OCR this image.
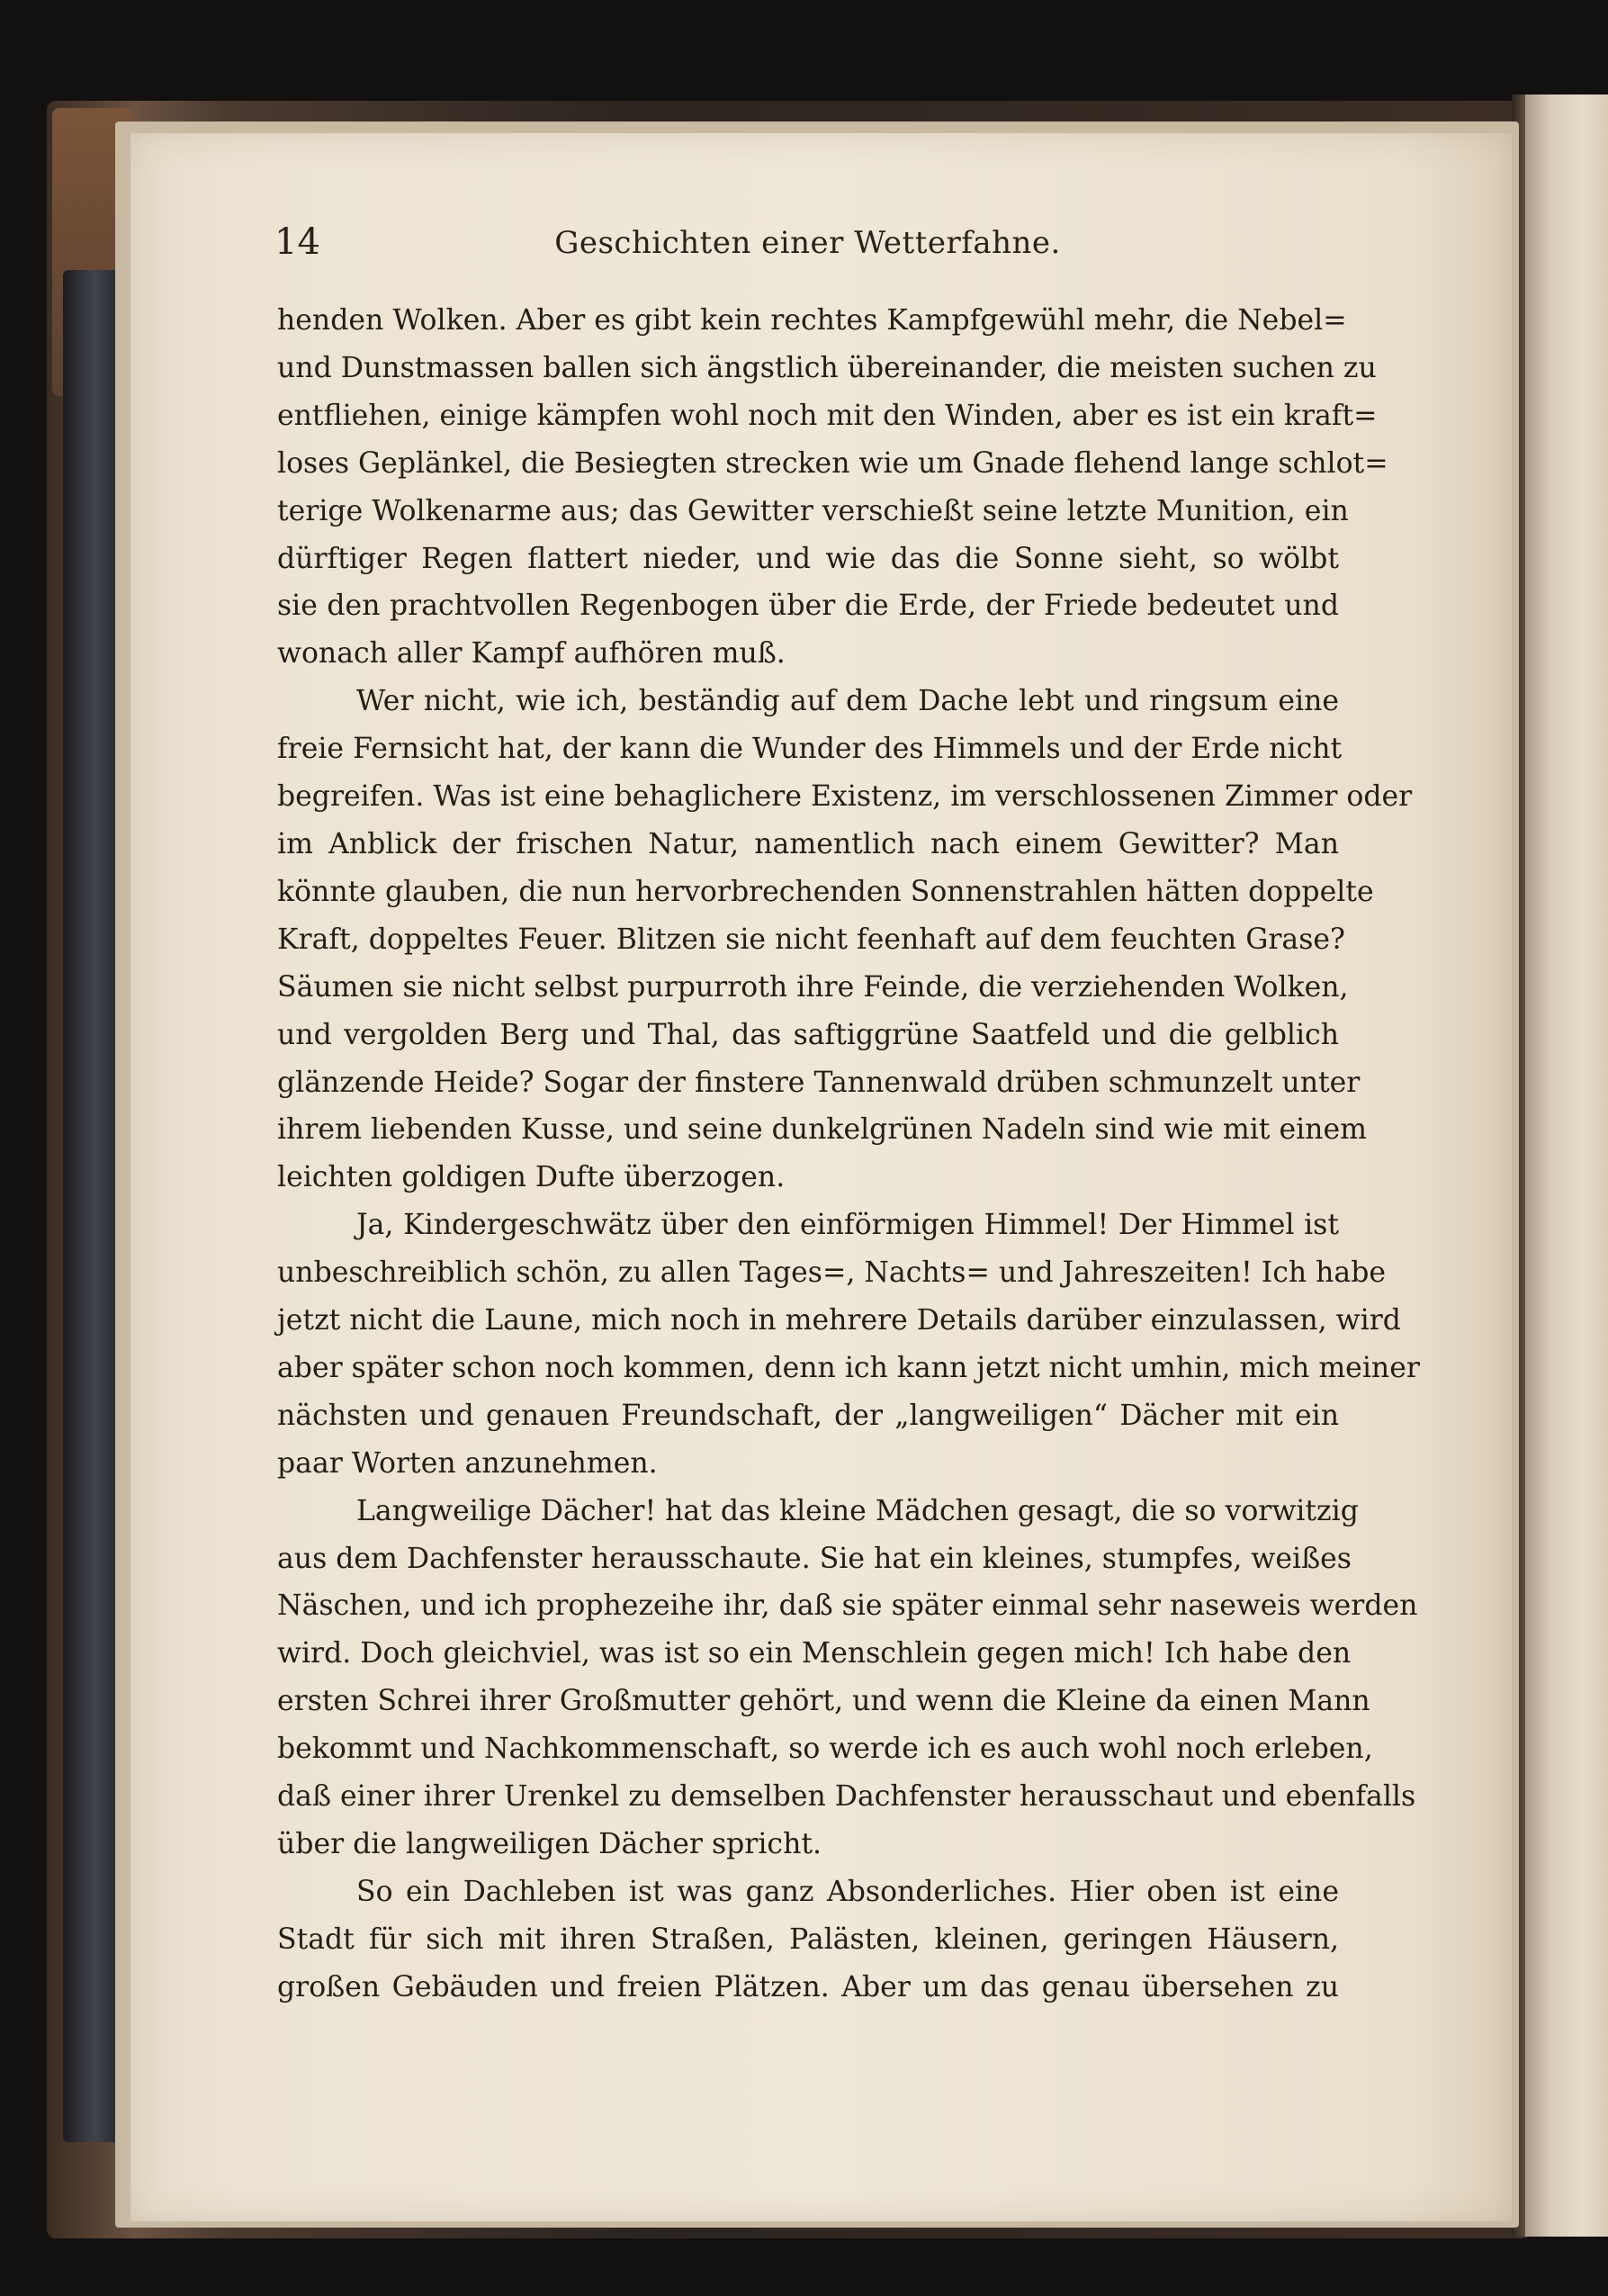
14	Geschichten einer Wetterfahne.
henden Wolken. Aber es gibt kein rechtes Kampfgewühl mehr, die Nebel=
und Dunstmassen ballen sich ängstlich übereinander, die meisten suchen zu
entfliehen, einige kämpfen wohl noch mit den Winden, aber es ist ein kraft=
loses Geplänkel, die Besiegten strecken wie um Gnade flehend lange schlot=
terige Wolkenarme aus; das Gewitter verschießt seine letzte Munition, ein
dürftiger Regen flattert nieder, und wie das die Sonne sieht, so wölbt
sie den prachtvollen Regenbogen über die Erde, der Friede bedeutet und
wonach aller Kampf aufhören muß.
Wer nicht, wie ich, beständig auf dem Dache lebt und ringsum eine
freie Fernsicht hat, der kann die Wunder des Himmels und der Erde nicht
begreifen. Was ist eine behaglichere Existenz, im verschlossenen Zimmer oder
im Anblick der frischen Natur, namentlich nach einem Gewitter? Man
könnte glauben, die nun hervorbrechenden Sonnenstrahlen hätten doppelte
Kraft, doppeltes Feuer. Blitzen sie nicht feenhaft auf dem feuchten Grase?
Säumen sie nicht selbst purpurroth ihre Feinde, die verziehenden Wolken,
und vergolden Berg und Thal, das saftiggrüne Saatfeld und die gelblich
glänzende Heide? Sogar der finstere Tannenwald drüben schmunzelt unter
ihrem liebenden Kusse, und seine dunkelgrünen Nadeln sind wie mit einem
leichten goldigen Dufte überzogen.
Ja, Kindergeschwätz über den einförmigen Himmel! Der Himmel ist
unbeschreiblich schön, zu allen Tages=, Nachts= und Jahreszeiten! Ich habe
jetzt nicht die Laune, mich noch in mehrere Details darüber einzulassen, wird
aber später schon noch kommen, denn ich kann jetzt nicht umhin, mich meiner
nächsten und genauen Freundschaft, der „langweiligen“ Dächer mit ein
paar Worten anzunehmen.
Langweilige Dächer! hat das kleine Mädchen gesagt, die so vorwitzig
aus dem Dachfenster herausschaute. Sie hat ein kleines, stumpfes, weißes
Näschen, und ich prophezeihe ihr, daß sie später einmal sehr naseweis werden
wird. Doch gleichviel, was ist so ein Menschlein gegen mich! Ich habe den
ersten Schrei ihrer Großmutter gehört, und wenn die Kleine da einen Mann
bekommt und Nachkommenschaft, so werde ich es auch wohl noch erleben,
daß einer ihrer Urenkel zu demselben Dachfenster herausschaut und ebenfalls
über die langweiligen Dächer spricht.
So ein Dachleben ist was ganz Absonderliches. Hier oben ist eine
Stadt für sich mit ihren Straßen, Palästen, kleinen, geringen Häusern,
großen Gebäuden und freien Plätzen. Aber um das genau übersehen zu
